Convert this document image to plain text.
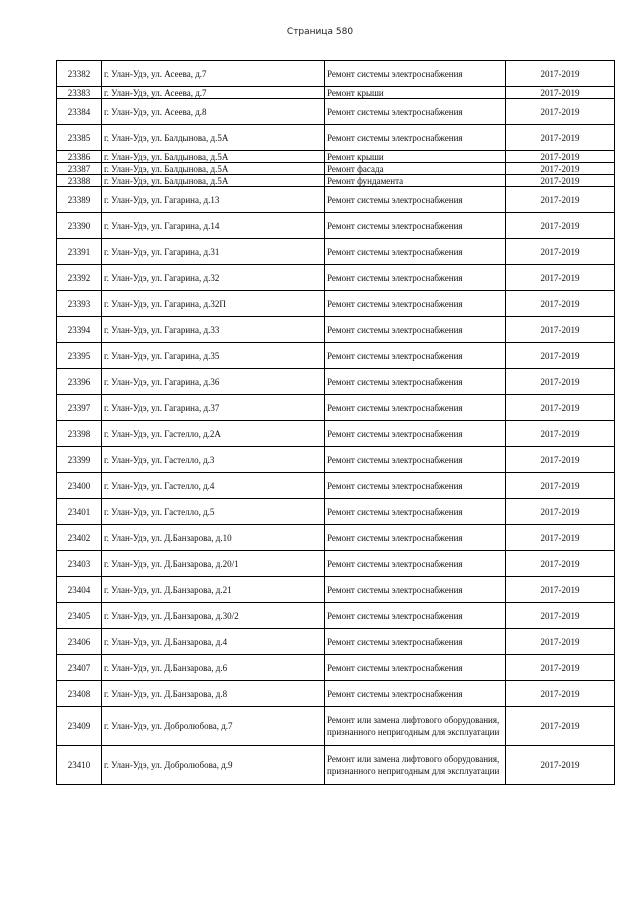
Страница 580
23382	г. Улан-Удэ, ул. Асеева, д.7	Ремонт системы электроснабжения	2017-2019
23383	г. Улан-Удэ, ул. Асеева, д.7	Ремонт крыши	2017-2019
23384	г. Улан-Удэ, ул. Асеева, д.8	Ремонт системы электроснабжения	2017-2019
23385	г. Улан-Удэ, ул. Балдынова, д.5А	Ремонт системы электроснабжения	2017-2019
23386	г. Улан-Удэ, ул. Балдынова, д.5А	Ремонт крыши	2017-2019
23387	г. Улан-Удэ, ул. Балдынова, д.5А	Ремонт фасада	2017-2019
23388	г. Улан-Удэ, ул. Балдынова, д.5А	Ремонт фундамента	2017-2019
23389	г. Улан-Удэ, ул. Гагарина, д.13	Ремонт системы электроснабжения	2017-2019
23390	г. Улан-Удэ, ул. Гагарина, д.14	Ремонт системы электроснабжения	2017-2019
23391	г. Улан-Удэ, ул. Гагарина, д.31	Ремонт системы электроснабжения	2017-2019
23392	г. Улан-Удэ, ул. Гагарина, д.32	Ремонт системы электроснабжения	2017-2019
23393	г. Улан-Удэ, ул. Гагарина, д.32П	Ремонт системы электроснабжения	2017-2019
23394	г. Улан-Удэ, ул. Гагарина, д.33	Ремонт системы электроснабжения	2017-2019
23395	г. Улан-Удэ, ул. Гагарина, д.35	Ремонт системы электроснабжения	2017-2019
23396	г. Улан-Удэ, ул. Гагарина, д.36	Ремонт системы электроснабжения	2017-2019
23397	г. Улан-Удэ, ул. Гагарина, д.37	Ремонт системы электроснабжения	2017-2019
23398	г. Улан-Удэ, ул. Гастелло, д.2А	Ремонт системы электроснабжения	2017-2019
23399	г. Улан-Удэ, ул. Гастелло, д.3	Ремонт системы электроснабжения	2017-2019
23400	г. Улан-Удэ, ул. Гастелло, д.4	Ремонт системы электроснабжения	2017-2019
23401	г. Улан-Удэ, ул. Гастелло, д.5	Ремонт системы электроснабжения	2017-2019
23402	г. Улан-Удэ, ул. Д.Банзарова, д.10	Ремонт системы электроснабжения	2017-2019
23403	г. Улан-Удэ, ул. Д.Банзарова, д.20/1	Ремонт системы электроснабжения	2017-2019
23404	г. Улан-Удэ, ул. Д.Банзарова, д.21	Ремонт системы электроснабжения	2017-2019
23405	г. Улан-Удэ, ул. Д.Банзарова, д.30/2	Ремонт системы электроснабжения	2017-2019
23406	г. Улан-Удэ, ул. Д.Банзарова, д.4	Ремонт системы электроснабжения	2017-2019
23407	г. Улан-Удэ, ул. Д.Банзарова, д.6	Ремонт системы электроснабжения	2017-2019
23408	г. Улан-Удэ, ул. Д.Банзарова, д.8	Ремонт системы электроснабжения	2017-2019
23409	г. Улан-Удэ, ул. Добролюбова, д.7	Ремонт или замена лифтового оборудования, признанного непригодным для эксплуатации	2017-2019
23410	г. Улан-Удэ, ул. Добролюбова, д.9	Ремонт или замена лифтового оборудования, признанного непригодным для эксплуатации	2017-2019
